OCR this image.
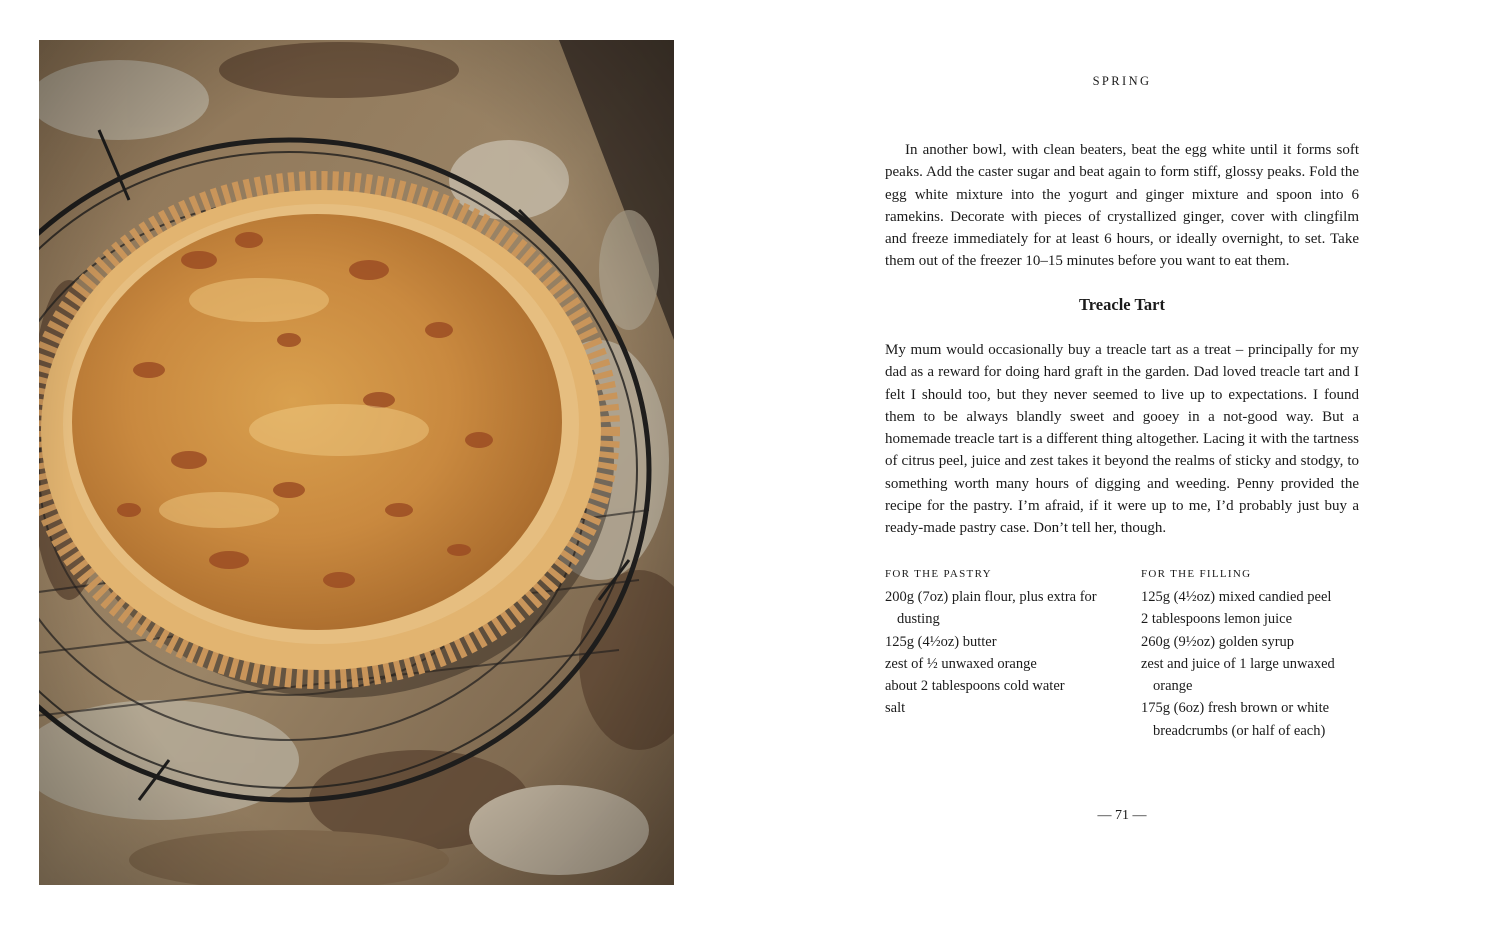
SPRING

In another bowl, with clean beaters, beat the egg white until it forms soft peaks. Add the caster sugar and beat again to form stiff, glossy peaks. Fold the egg white mixture into the yogurt and ginger mixture and spoon into 6 ramekins. Decorate with pieces of crystallized ginger, cover with clingfilm and freeze immediately for at least 6 hours, or ideally overnight, to set. Take them out of the freezer 10–15 minutes before you want to eat them.

Treacle Tart

My mum would occasionally buy a treacle tart as a treat – principally for my dad as a reward for doing hard graft in the garden. Dad loved treacle tart and I felt I should too, but they never seemed to live up to expectations. I found them to be always blandly sweet and gooey in a not-good way. But a homemade treacle tart is a different thing altogether. Lacing it with the tartness of citrus peel, juice and zest takes it beyond the realms of sticky and stodgy, to something worth many hours of digging and weeding. Penny provided the recipe for the pastry. I’m afraid, if it were up to me, I’d probably just buy a ready-made pastry case. Don’t tell her, though.

FOR THE PASTRY
200g (7oz) plain flour, plus extra for dusting
125g (4½oz) butter
zest of ½ unwaxed orange
about 2 tablespoons cold water
salt
FOR THE FILLING
125g (4½oz) mixed candied peel
2 tablespoons lemon juice
260g (9½oz) golden syrup
zest and juice of 1 large unwaxed orange
175g (6oz) fresh brown or white breadcrumbs (or half of each)
— 71 —
